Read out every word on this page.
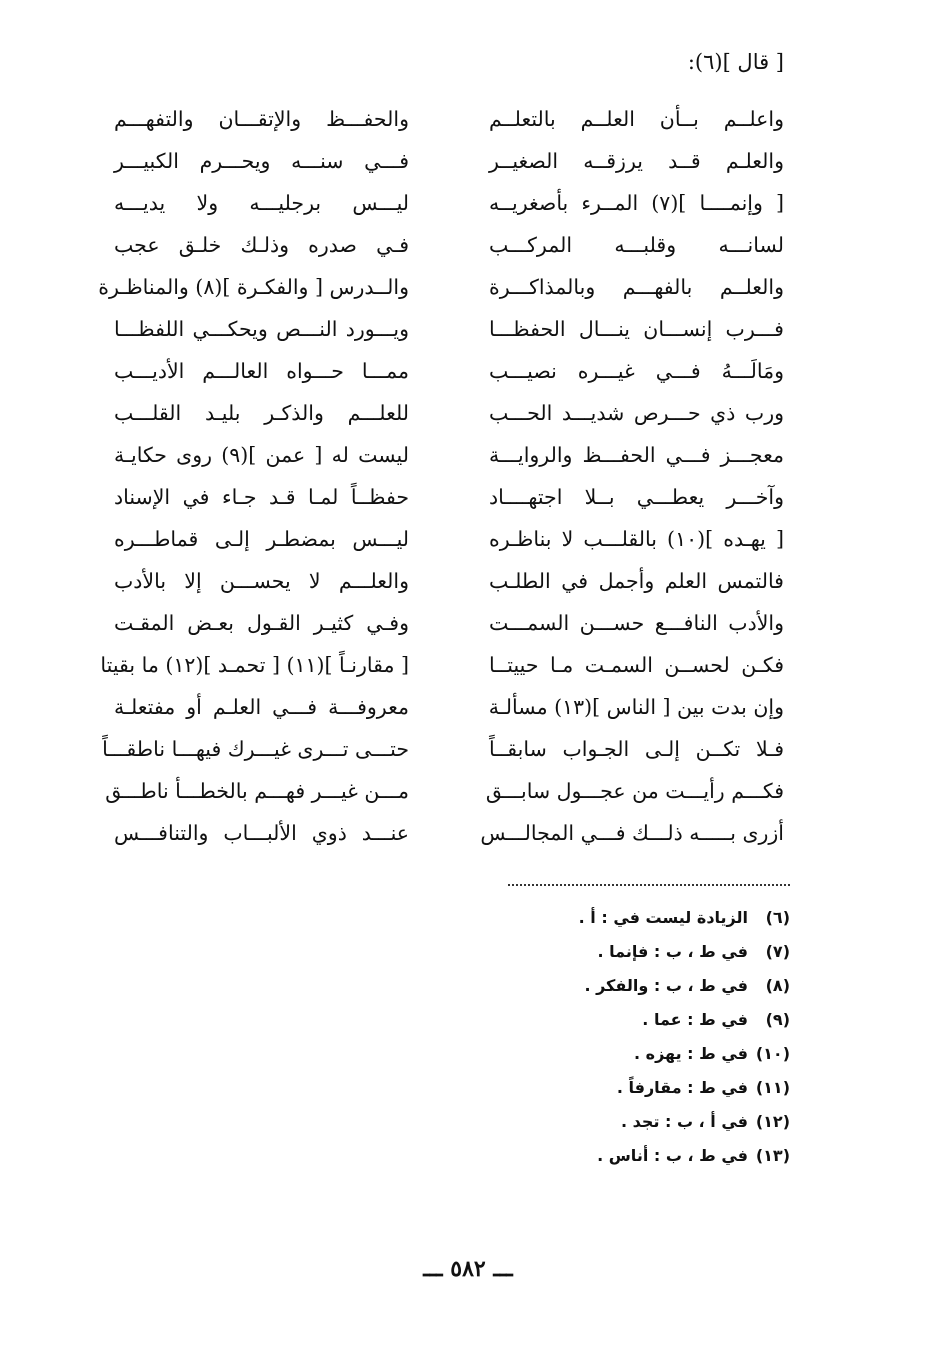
[ قال ](٦):
واعلــم بــأن العلــم بالتعلــم
والحفـــظ والإتقـــان والتفهـــم
والعلـم قــد يرزقــه الصغيــر
فـــي سنـــه ويحـــرم الكبيـــر
[ وإنمــــا ](٧) المــرء بأصغريــه
ليـــس برجليـــه ولا يديـــه
لسانـــه وقلبـــه المركـــب
فـي صدره وذلـك خلـق عجب
والعلــم بالفهـــم وبالمذاكـــرة
والــدرس [ والفكـرة ](٨) والمناظـرة
فـــرب إنســـان ينـــال الحفظـــا
ويـــورد النـــص ويحكـــي اللفظـــا
ومَالَـــهُ فـــي غيـــره نصيـــب
ممـــا حـــواه العالـــم الأديـــب
ورب ذي حـــرص شديـــد الحـــب
للعلـــم والذكـر بليـد القلـــب
معجـــز فـــي الحفـــظ والروايـــة
ليست له [ عمن ](٩) روى حكايـة
وآخـــر يعطـــي بــلا اجتهــــاد
حفظــاً لمـا قـد جـاء في الإسناد
[ يهـده ](١٠) بالقلـــب لا بناظـره
ليـــس بمضطـر إلـى قماطـــره
فالتمس العلم وأجمل في الطلـب
والعلـــم لا يحســـن إلا بالأدب
والأدب النافـــع حســـن السمـــت
وفـي كثيـر القـول بعـض المقـت
فكـن لحســن السمـت مـا حييتــا
[ مقارنـاً ](١١) [ تحمـد ](١٢) ما بقيتا
وإن بدت بين [ الناس ](١٣) مسألـة
معروفـــة فـــي العلـم أو مفتعلـة
فـلا تكــن إلـى الجـواب سابقــاً
حتـــى تـــرى غيـــرك فيهـــا ناطقـــاً
فكـــم رأيـــت من عجـــول سابـــق
مـــن غيـــر فهـــم بالخطـــأ ناطـــق
أزرى بـــــه ذلـــك فـــي المجالـــس
عنـــد ذوي الألبـــاب والتنافـــس
(٦)
الزيادة ليست في : أ .
(٧)
في ط ، ب : فإنما .
(٨)
في ط ، ب : والفكر .
(٩)
في ط : عما .
(١٠)
في ط : يهزه .
(١١)
في ط : مقارفاً .
(١٢)
في أ ، ب : تجد .
(١٣)
في ط ، ب : أناس .
ـــ ٥٨٢ ـــ
